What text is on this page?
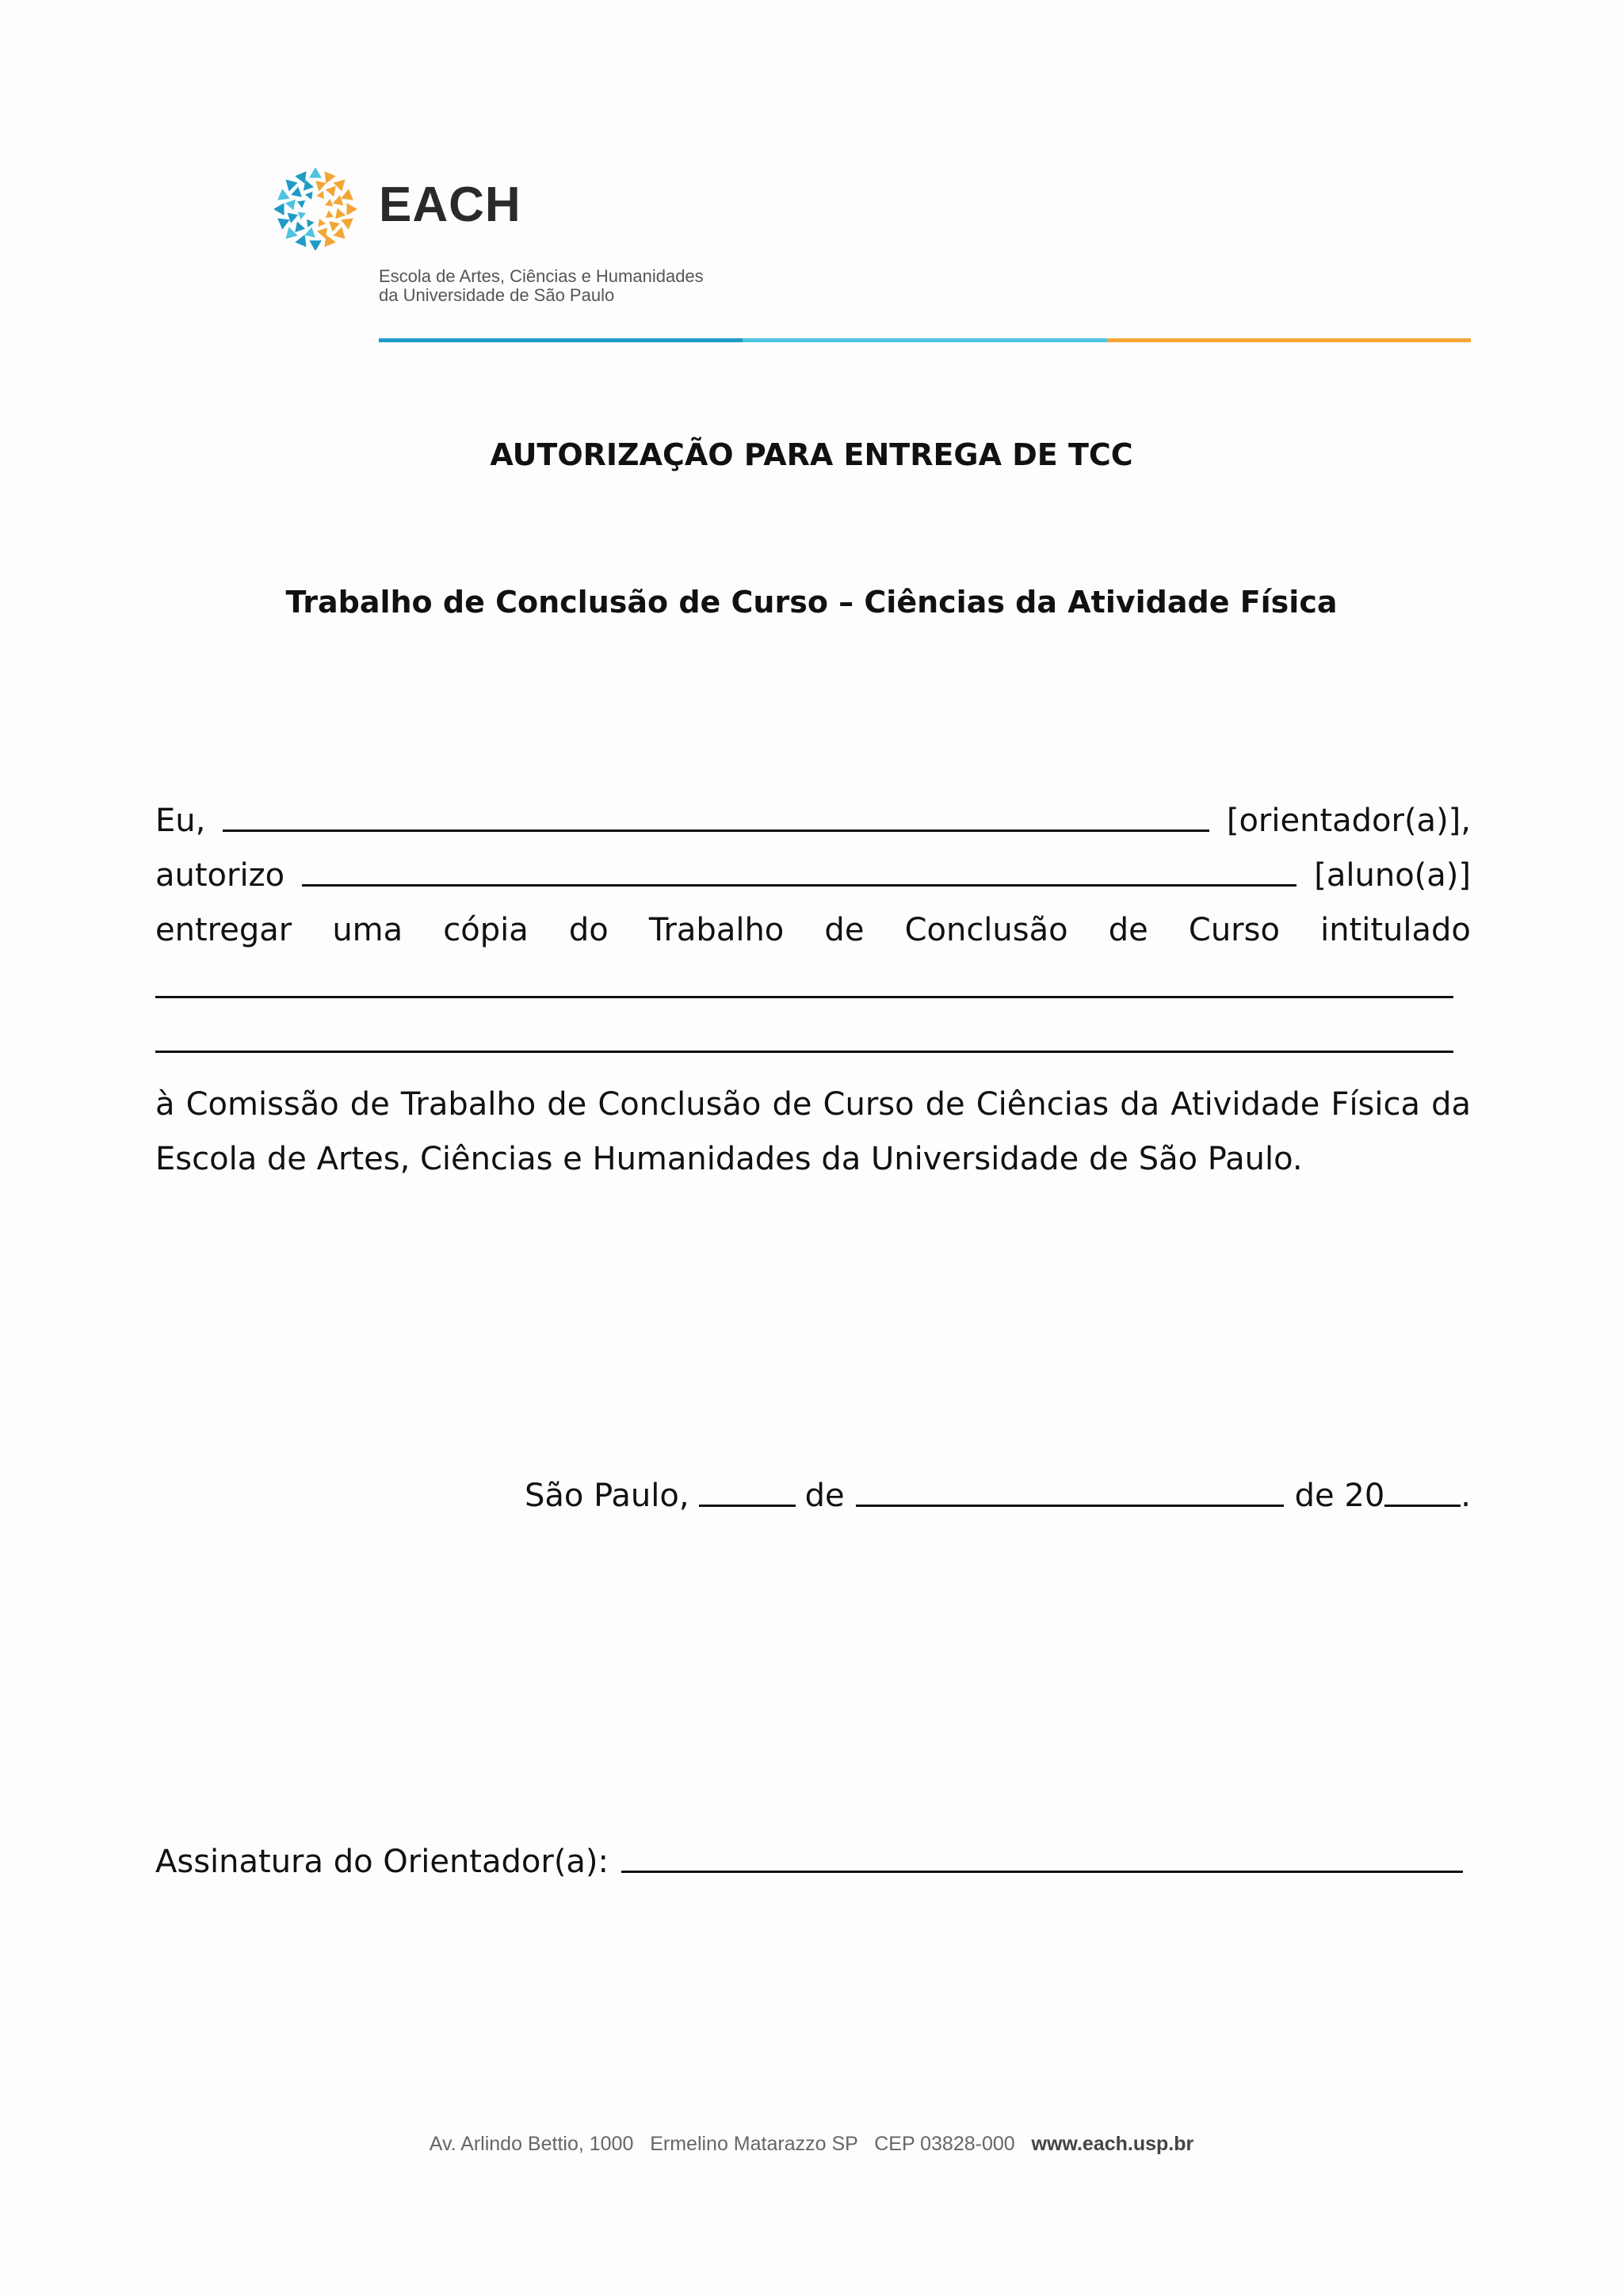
EACH
Escola de Artes, Ciências e Humanidades
da Universidade de São Paulo
AUTORIZAÇÃO PARA ENTREGA DE TCC
Trabalho de Conclusão de Curso – Ciências da Atividade Física
Eu,	[orientador(a)],
autorizo	[aluno(a)]
entregar uma cópia do Trabalho de Conclusão de Curso intitulado
à Comissão de Trabalho de Conclusão de Curso de Ciências da Atividade Física da Escola de Artes, Ciências e Humanidades da Universidade de São Paulo.
São Paulo,	de	de 20 .
Assinatura do Orientador(a):
Av. Arlindo Bettio, 1000 Ermelino Matarazzo SP CEP 03828-000 www.each.usp.br
